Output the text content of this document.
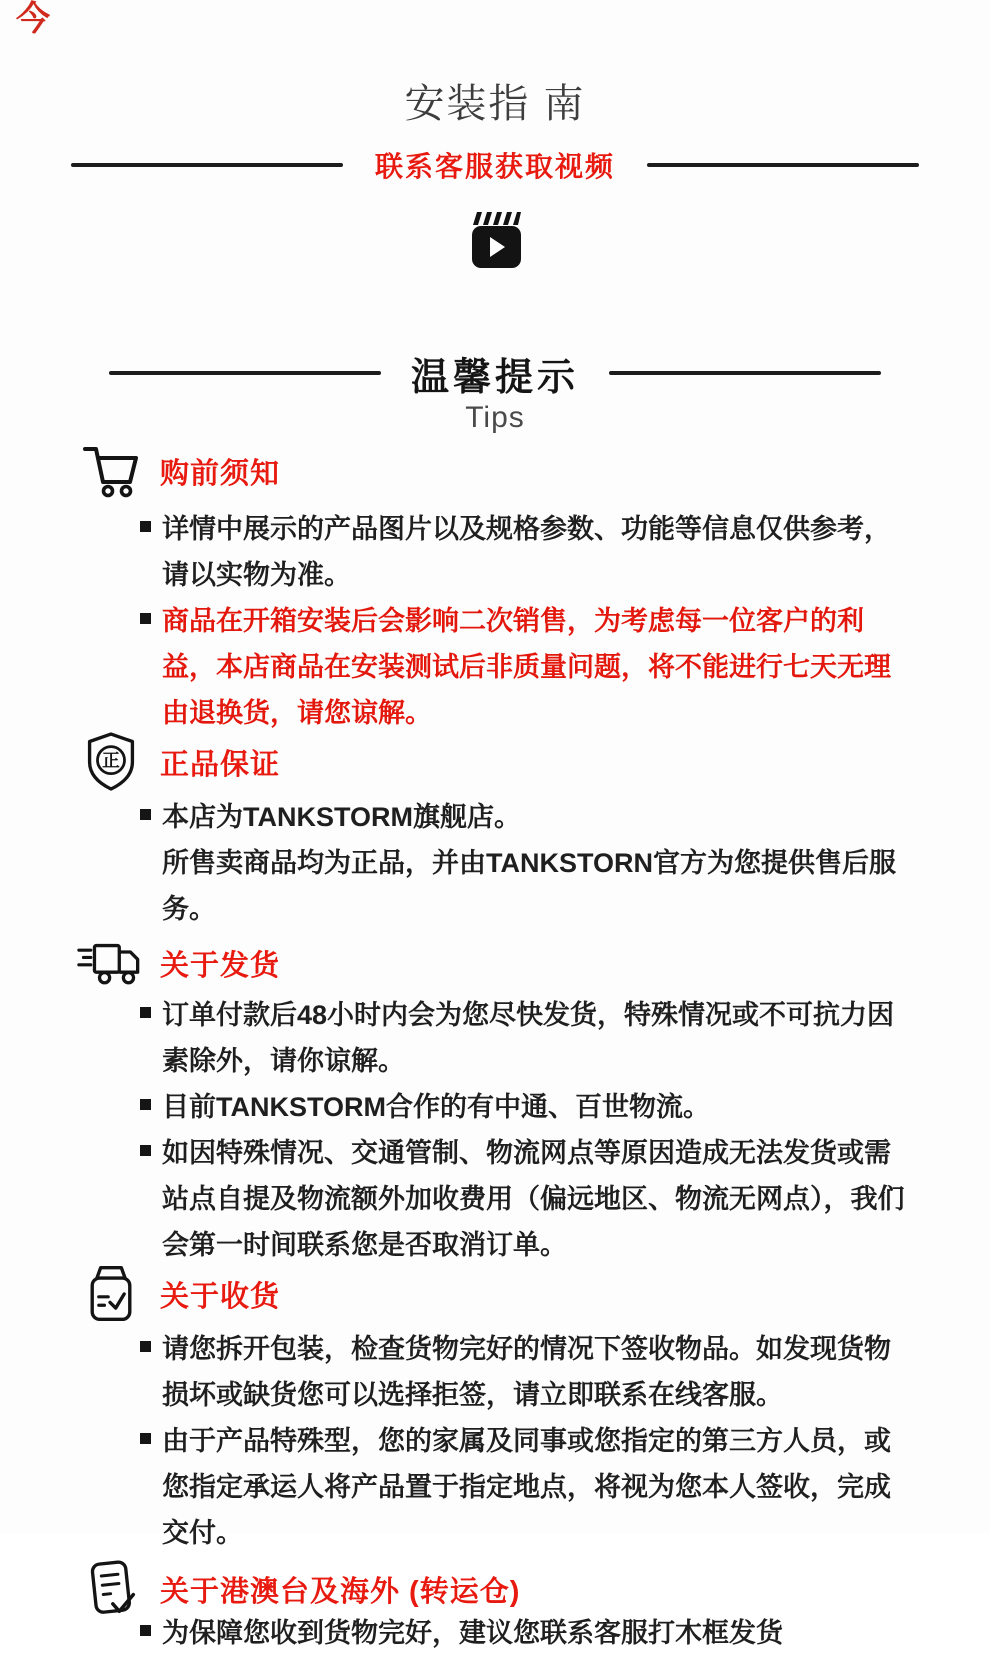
今
安装指 南
联系客服获取视频
温馨提示
Tips
购前须知

详情中展示的产品图片以及规格参数、功能等信息仅供参考，请以实物为准。

商品在开箱安装后会影响二次销售，为考虑每一位客户的利益，本店商品在安装测试后非质量问题，将不能进行七天无理由退换货，请您谅解。

正 正品保证

本店为TANKSTORM旗舰店。

所售卖商品均为正品，并由TANKSTORN官方为您提供售后服务。

关于发货

订单付款后48小时内会为您尽快发货，特殊情况或不可抗力因素除外，请你谅解。

目前TANKSTORM合作的有中通、百世物流。

如因特殊情况、交通管制、物流网点等原因造成无法发货或需站点自提及物流额外加收费用（偏远地区、物流无网点），我们会第一时间联系您是否取消订单。

关于收货

请您拆开包装，检查货物完好的情况下签收物品。如发现货物损坏或缺货您可以选择拒签，请立即联系在线客服。

由于产品特殊型，您的家属及同事或您指定的第三方人员，或您指定承运人将产品置于指定地点，将视为您本人签收，完成交付。

关于港澳台及海外 (转运仓)

为保障您收到货物完好，建议您联系客服打木框发货
